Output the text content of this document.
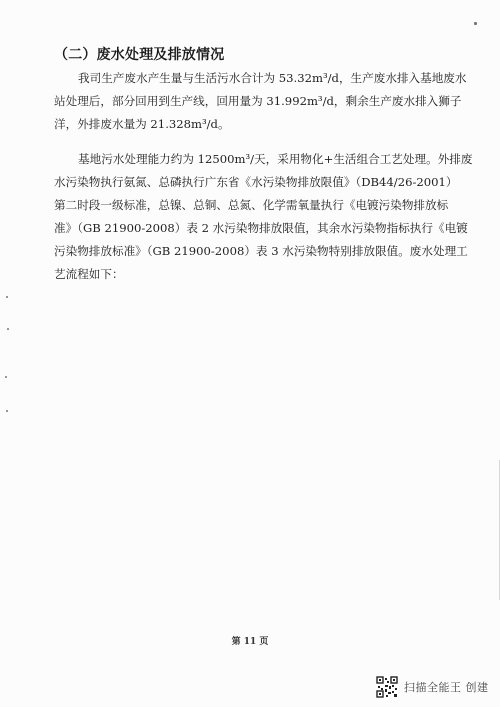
（二）废水处理及排放情况
我司生产废水产生量与生活污水合计为 53.32m³/d，生产废水排入基地废水
站处理后，部分回用到生产线，回用量为 31.992m³/d，剩余生产废水排入狮子
洋，外排废水量为 21.328m³/d。
基地污水处理能力约为 12500m³/天，采用物化+生活组合工艺处理。外排废
水污染物执行氨氮、总磷执行广东省《水污染物排放限值》（DB44/26-2001）
第二时段一级标准，总镍、总铜、总氮、化学需氧量执行《电镀污染物排放标
准》（GB 21900-2008）表 2 水污染物排放限值，其余水污染物指标执行《电镀
污染物排放标准》（GB 21900-2008）表 3 水污染物特别排放限值。废水处理工
艺流程如下：
第 11 页
扫描全能王 创建
